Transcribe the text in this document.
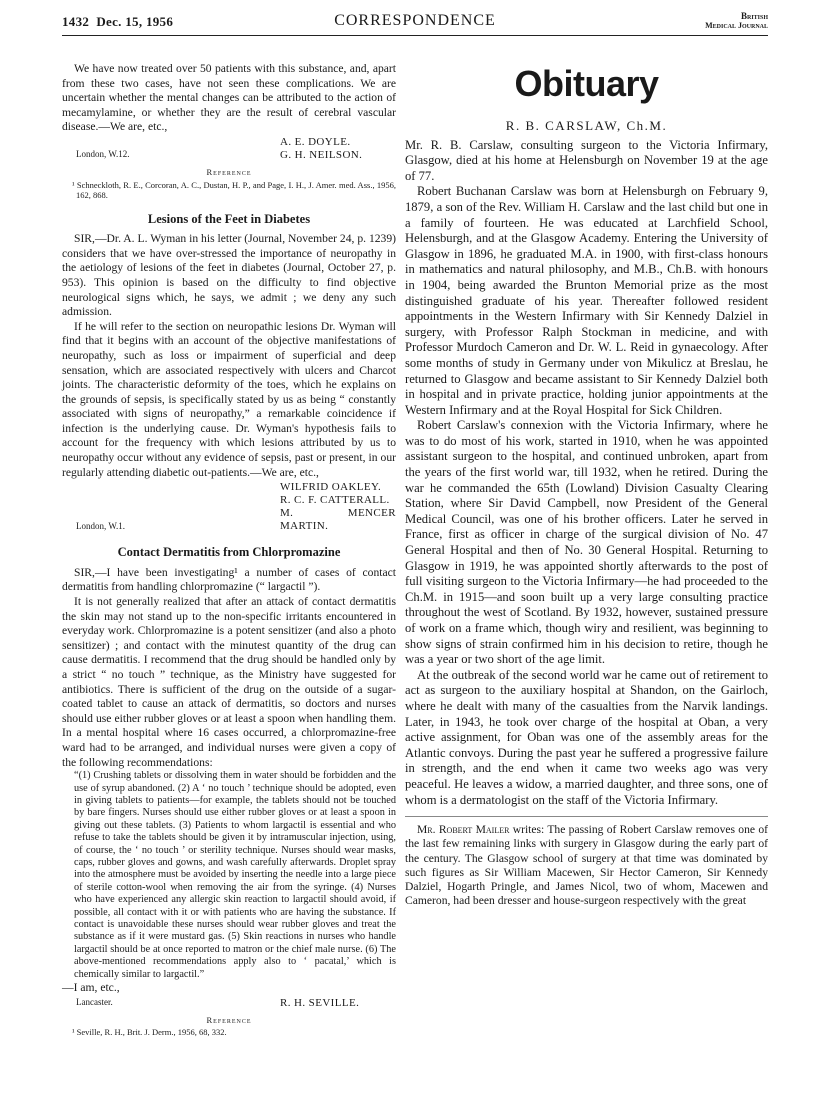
1432 Dec. 15, 1956	CORRESPONDENCE	British
Medical Journal

We have now treated over 50 patients with this substance, and, apart from these two cases, have not seen these complications. We are uncertain whether the mental changes can be attributed to the action of mecamylamine, or whether they are the result of cerebral vascular disease.—We are, etc.,

A. E. DOYLE.
G. H. NEILSON.
London, W.12.
Reference
¹ Schneckloth, R. E., Corcoran, A. C., Dustan, H. P., and Page, I. H., J. Amer. med. Ass., 1956, 162, 868.
Lesions of the Feet in Diabetes

SIR,—Dr. A. L. Wyman in his letter (Journal, November 24, p. 1239) considers that we have over-stressed the importance of neuropathy in the aetiology of lesions of the feet in diabetes (Journal, October 27, p. 953). This opinion is based on the difficulty to find objective neurological signs which, he says, we admit ; we deny any such admission.

If he will refer to the section on neuropathic lesions Dr. Wyman will find that it begins with an account of the objective manifestations of neuropathy, such as loss or impairment of superficial and deep sensation, which are associated respectively with ulcers and Charcot joints. The characteristic deformity of the toes, which he explains on the grounds of sepsis, is specifically stated by us as being “ constantly associated with signs of neuropathy,” a remarkable coincidence if infection is the underlying cause. Dr. Wyman's hypothesis fails to account for the frequency with which lesions attributed by us to neuropathy occur without any evidence of sepsis, past or present, in our regularly attending diabetic out-patients.—We are, etc.,

WILFRID OAKLEY.
R. C. F. CATTERALL.
M. MENCER MARTIN.
London, W.1.
Contact Dermatitis from Chlorpromazine

SIR,—I have been investigating¹ a number of cases of contact dermatitis from handling chlorpromazine (“ largactil ”).

It is not generally realized that after an attack of contact dermatitis the skin may not stand up to the non-specific irritants encountered in everyday work. Chlorpromazine is a potent sensitizer (and also a photo sensitizer) ; and contact with the minutest quantity of the drug can cause dermatitis. I recommend that the drug should be handled only by a strict “ no touch ” technique, as the Ministry have suggested for antibiotics. There is sufficient of the drug on the outside of a sugar-coated tablet to cause an attack of dermatitis, so doctors and nurses should use either rubber gloves or at least a spoon when handling them. In a mental hospital where 16 cases occurred, a chlorpromazine-free ward had to be arranged, and individual nurses were given a copy of the following recommendations:

“(1) Crushing tablets or dissolving them in water should be forbidden and the use of syrup abandoned. (2) A ‘ no touch ’ technique should be adopted, even in giving tablets to patients—for example, the tablets should not be touched by bare fingers. Nurses should use either rubber gloves or at least a spoon in giving out these tablets. (3) Patients to whom largactil is essential and who refuse to take the tablets should be given it by intramuscular injection, using, of course, the ‘ no touch ’ or sterility technique. Nurses should wear masks, caps, rubber gloves and gowns, and wash carefully afterwards. Droplet spray into the atmosphere must be avoided by inserting the needle into a large piece of sterile cotton-wool when removing the air from the syringe. (4) Nurses who have experienced any allergic skin reaction to largactil should avoid, if possible, all contact with it or with patients who are having the substance. If contact is unavoidable these nurses should wear rubber gloves and treat the substance as if it were mustard gas. (5) Skin reactions in nurses who handle largactil should be at once reported to matron or the chief male nurse. (6) The above-mentioned recommendations apply also to ‘ pacatal,’ which is chemically similar to largactil.”

—I am, etc.,

R. H. SEVILLE.
Lancaster.
Reference
¹ Seville, R. H., Brit. J. Derm., 1956, 68, 332.
Obituary
R. B. CARSLAW, Ch.M.

Mr. R. B. Carslaw, consulting surgeon to the Victoria Infirmary, Glasgow, died at his home at Helensburgh on November 19 at the age of 77.

Robert Buchanan Carslaw was born at Helensburgh on February 9, 1879, a son of the Rev. William H. Carslaw and the last child but one in a family of fourteen. He was educated at Larchfield School, Helensburgh, and at the Glasgow Academy. Entering the University of Glasgow in 1896, he graduated M.A. in 1900, with first-class honours in mathematics and natural philosophy, and M.B., Ch.B. with honours in 1904, being awarded the Brunton Memorial prize as the most distinguished graduate of his year. Thereafter followed resident appointments in the Western Infirmary with Sir Kennedy Dalziel in surgery, with Professor Ralph Stockman in medicine, and with Professor Murdoch Cameron and Dr. W. L. Reid in gynaecology. After some months of study in Germany under von Mikulicz at Breslau, he returned to Glasgow and became assistant to Sir Kennedy Dalziel both in hospital and in private practice, holding junior appointments at the Western Infirmary and at the Royal Hospital for Sick Children.

Robert Carslaw's connexion with the Victoria Infirmary, where he was to do most of his work, started in 1910, when he was appointed assistant surgeon to the hospital, and continued unbroken, apart from the years of the first world war, till 1932, when he retired. During the war he commanded the 65th (Lowland) Division Casualty Clearing Station, where Sir David Campbell, now President of the General Medical Council, was one of his brother officers. Later he served in France, first as officer in charge of the surgical division of No. 47 General Hospital and then of No. 30 General Hospital. Returning to Glasgow in 1919, he was appointed shortly afterwards to the post of full visiting surgeon to the Victoria Infirmary—he had proceeded to the Ch.M. in 1915—and soon built up a very large consulting practice throughout the west of Scotland. By 1932, however, sustained pressure of work on a frame which, though wiry and resilient, was beginning to show signs of strain confirmed him in his decision to retire, though he was a year or two short of the age limit.

At the outbreak of the second world war he came out of retirement to act as surgeon to the auxiliary hospital at Shandon, on the Gairloch, where he dealt with many of the casualties from the Narvik landings. Later, in 1943, he took over charge of the hospital at Oban, a very active assignment, for Oban was one of the assembly areas for the Atlantic convoys. During the past year he suffered a progressive failure in strength, and the end when it came two weeks ago was very peaceful. He leaves a widow, a married daughter, and three sons, one of whom is a dermatologist on the staff of the Victoria Infirmary.

Mr. Robert Mailer writes: The passing of Robert Carslaw removes one of the last few remaining links with surgery in Glasgow during the early part of the century. The Glasgow school of surgery at that time was dominated by such figures as Sir William Macewen, Sir Hector Cameron, Sir Kennedy Dalziel, Hogarth Pringle, and James Nicol, two of whom, Macewen and Cameron, had been dresser and house-surgeon respectively with the great
